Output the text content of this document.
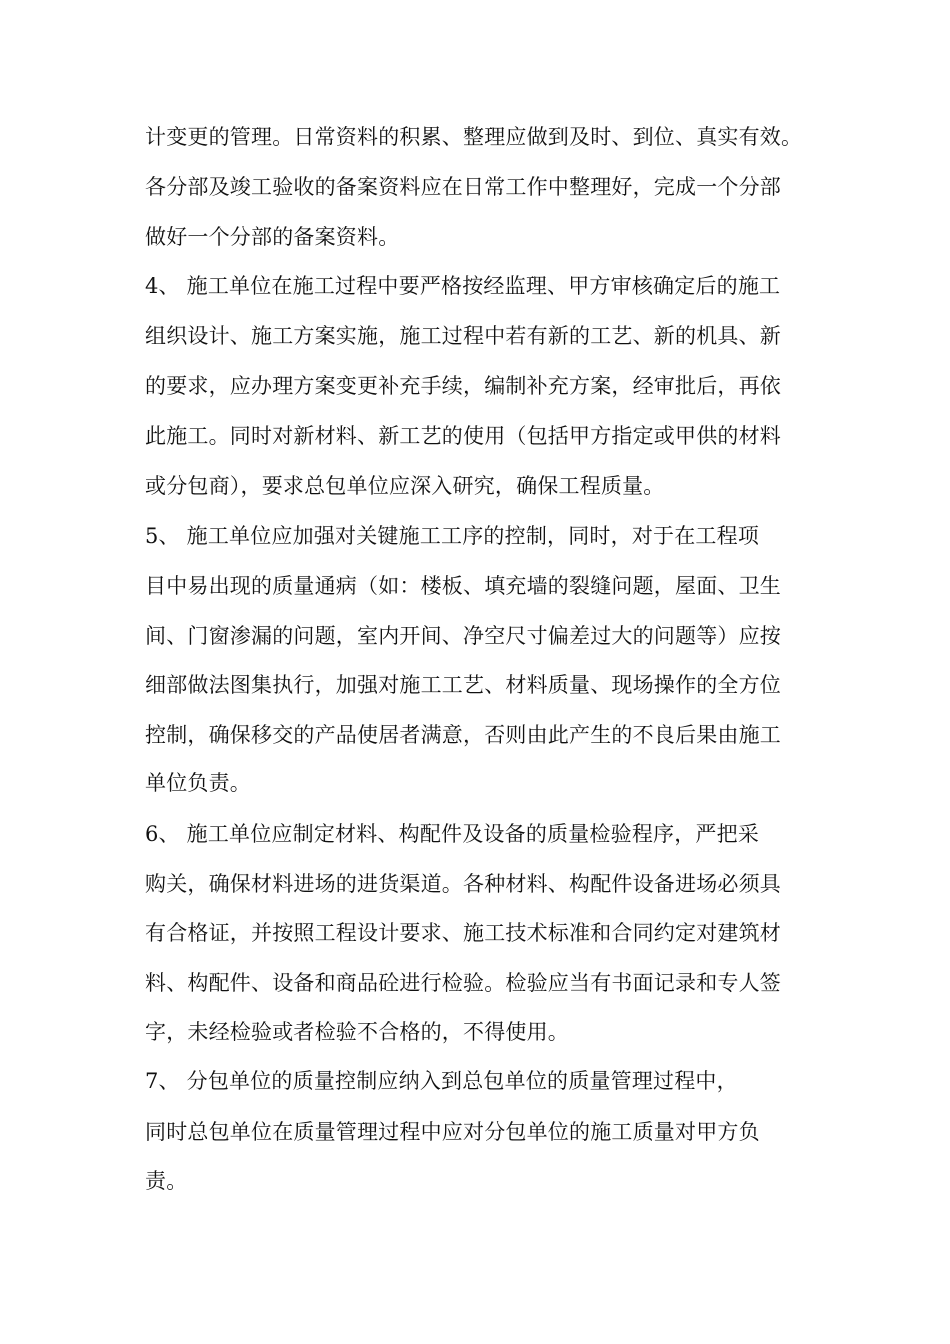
计变更的管理。日常资料的积累、整理应做到及时、到位、真实有效。
各分部及竣工验收的备案资料应在日常工作中整理好，完成一个分部
做好一个分部的备案资料。
4、 施工单位在施工过程中要严格按经监理、甲方审核确定后的施工
组织设计、施工方案实施，施工过程中若有新的工艺、新的机具、新
的要求，应办理方案变更补充手续，编制补充方案，经审批后，再依
此施工。同时对新材料、新工艺的使用（包括甲方指定或甲供的材料
或分包商），要求总包单位应深入研究，确保工程质量。
5、 施工单位应加强对关键施工工序的控制，同时，对于在工程项
目中易出现的质量通病（如：楼板、填充墙的裂缝问题，屋面、卫生
间、门窗渗漏的问题，室内开间、净空尺寸偏差过大的问题等）应按
细部做法图集执行，加强对施工工艺、材料质量、现场操作的全方位
控制，确保移交的产品使居者满意，否则由此产生的不良后果由施工
单位负责。
6、 施工单位应制定材料、构配件及设备的质量检验程序，严把采
购关，确保材料进场的进货渠道。各种材料、构配件设备进场必须具
有合格证，并按照工程设计要求、施工技术标准和合同约定对建筑材
料、构配件、设备和商品砼进行检验。检验应当有书面记录和专人签
字，未经检验或者检验不合格的，不得使用。
7、 分包单位的质量控制应纳入到总包单位的质量管理过程中，
同时总包单位在质量管理过程中应对分包单位的施工质量对甲方负
责。
